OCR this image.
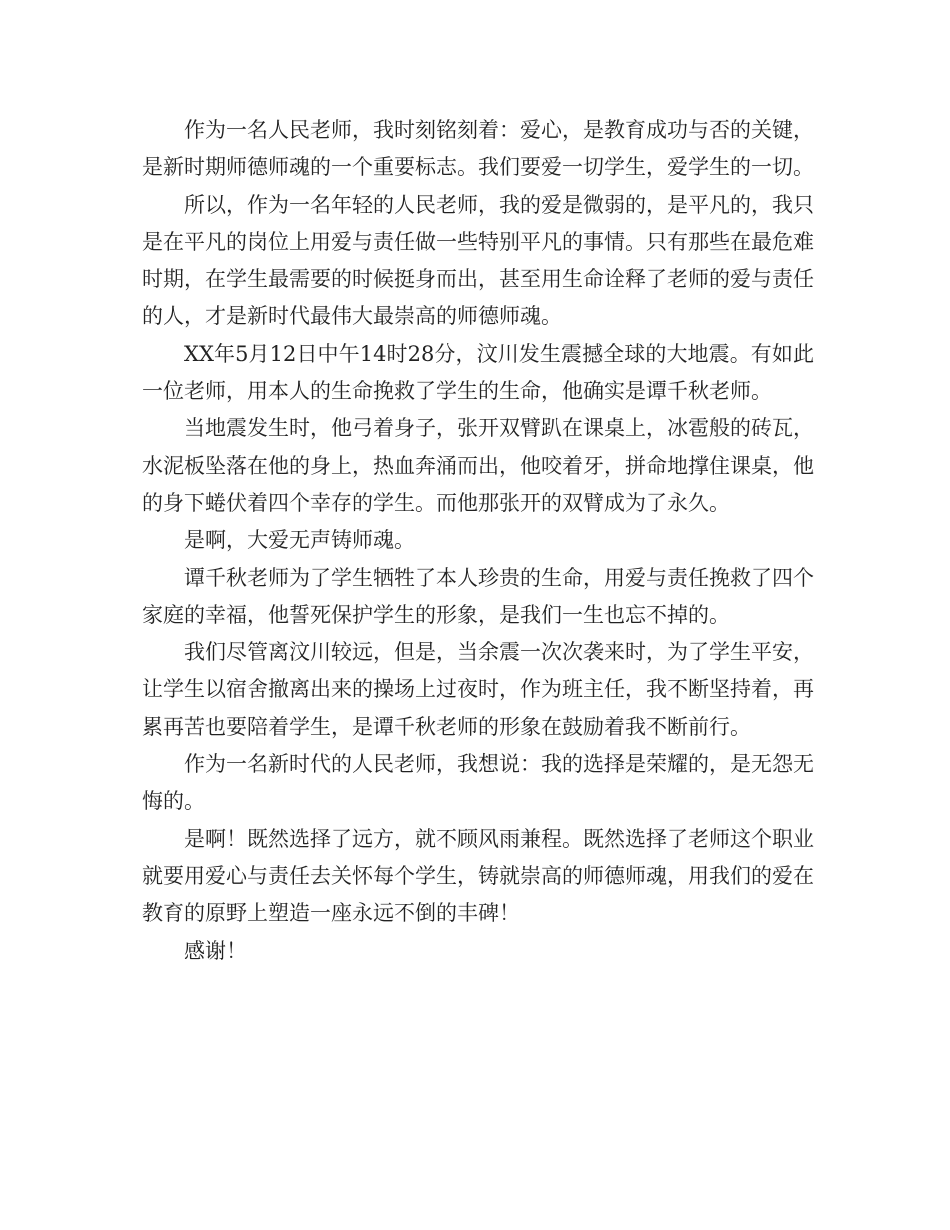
作为一名人民老师，我时刻铭刻着：爱心，是教育成功与否的关键，是新时期师德师魂的一个重要标志。我们要爱一切学生，爱学生的一切。

所以，作为一名年轻的人民老师，我的爱是微弱的，是平凡的，我只是在平凡的岗位上用爱与责任做一些特别平凡的事情。只有那些在最危难时期，在学生最需要的时候挺身而出，甚至用生命诠释了老师的爱与责任的人，才是新时代最伟大最崇高的师德师魂。

XX年5月12日中午14时28分，汶川发生震撼全球的大地震。有如此一位老师，用本人的生命挽救了学生的生命，他确实是谭千秋老师。

当地震发生时，他弓着身子，张开双臂趴在课桌上，冰雹般的砖瓦，水泥板坠落在他的身上，热血奔涌而出，他咬着牙，拼命地撑住课桌，他的身下蜷伏着四个幸存的学生。而他那张开的双臂成为了永久。

是啊，大爱无声铸师魂。

谭千秋老师为了学生牺牲了本人珍贵的生命，用爱与责任挽救了四个家庭的幸福，他誓死保护学生的形象，是我们一生也忘不掉的。

我们尽管离汶川较远，但是，当余震一次次袭来时，为了学生平安，让学生以宿舍撤离出来的操场上过夜时，作为班主任，我不断坚持着，再累再苦也要陪着学生，是谭千秋老师的形象在鼓励着我不断前行。

作为一名新时代的人民老师，我想说：我的选择是荣耀的，是无怨无悔的。

是啊！既然选择了远方，就不顾风雨兼程。既然选择了老师这个职业就要用爱心与责任去关怀每个学生，铸就崇高的师德师魂，用我们的爱在教育的原野上塑造一座永远不倒的丰碑！

感谢！
